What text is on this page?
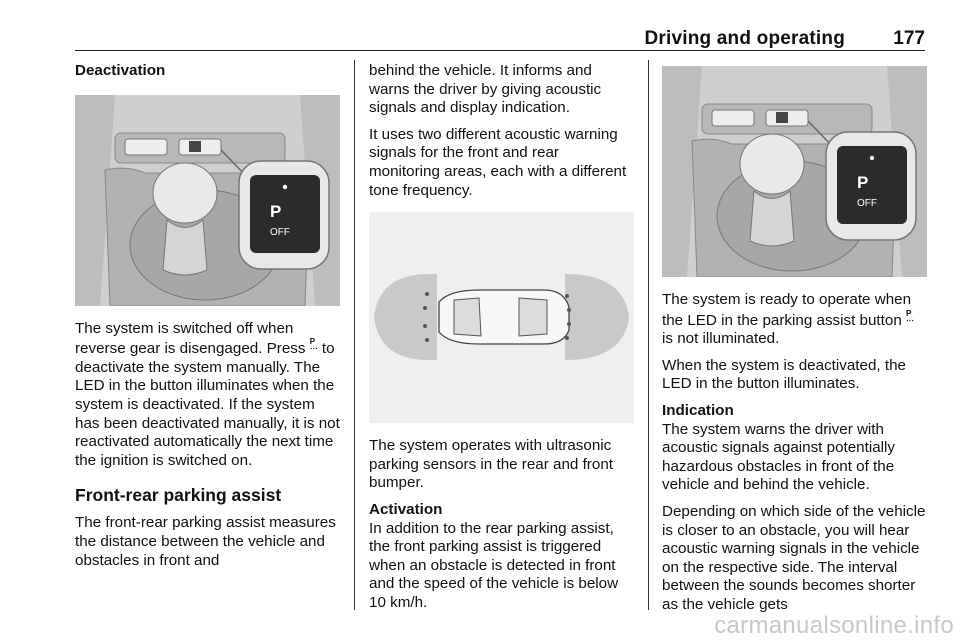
Driving and operating	177
Deactivation
P
OFF

The system is switched off when reverse gear is disengaged. Press P
⋯ to deactivate the system manually. The LED in the button illuminates when the system is deactivated. If the system has been deactivated manually, it is not reactivated automatically the next time the ignition is switched on.

Front-rear parking assist

The front-rear parking assist measures the distance between the vehicle and obstacles in front and

behind the vehicle. It informs and warns the driver by giving acoustic signals and display indication.

It uses two different acoustic warning signals for the front and rear monitoring areas, each with a different tone frequency.

The system operates with ultrasonic parking sensors in the rear and front bumper.

Activation

In addition to the rear parking assist, the front parking assist is triggered when an obstacle is detected in front and the speed of the vehicle is below 10 km/h.

P
OFF

The system is ready to operate when the LED in the parking assist button P
⋯ is not illuminated.

When the system is deactivated, the LED in the button illuminates.

Indication

The system warns the driver with acoustic signals against potentially hazardous obstacles in front of the vehicle and behind the vehicle.

Depending on which side of the vehicle is closer to an obstacle, you will hear acoustic warning signals in the vehicle on the respective side. The interval between the sounds becomes shorter as the vehicle gets

carmanualsonline.info
